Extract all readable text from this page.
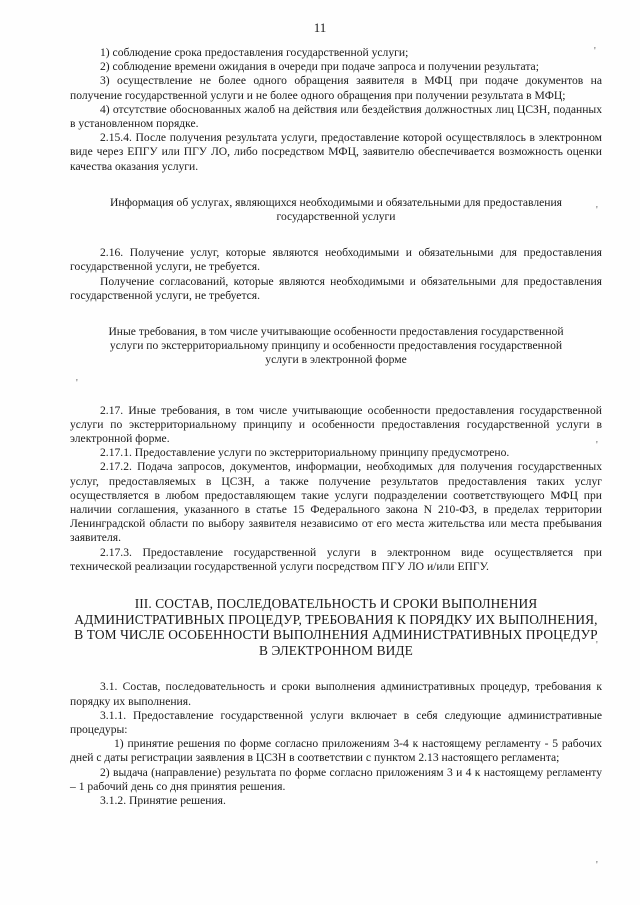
11

1) соблюдение срока предоставления государственной услуги;

2) соблюдение времени ожидания в очереди при подаче запроса и получении результата;

3) осуществление не более одного обращения заявителя в МФЦ при подаче документов на получение государственной услуги и не более одного обращения при получении результата в МФЦ;

4) отсутствие обоснованных жалоб на действия или бездействия должностных лиц ЦСЗН, поданных в установленном порядке.

2.15.4. После получения результата услуги, предоставление которой осуществлялось в электронном виде через ЕПГУ или ПГУ ЛО, либо посредством МФЦ, заявителю обеспечивается возможность оценки качества оказания услуги.

Информация об услугах, являющихся необходимыми и обязательными для предоставления государственной услуги

2.16. Получение услуг, которые являются необходимыми и обязательными для предоставления государственной услуги, не требуется.

Получение согласований, которые являются необходимыми и обязательными для предоставления государственной услуги, не требуется.

Иные требования, в том числе учитывающие особенности предоставления государственной услуги по экстерриториальному принципу и особенности предоставления государственной услуги в электронной форме

2.17. Иные требования, в том числе учитывающие особенности предоставления государственной услуги по экстерриториальному принципу и особенности предоставления государственной услуги в электронной форме.

2.17.1. Предоставление услуги по экстерриториальному принципу предусмотрено.

2.17.2. Подача запросов, документов, информации, необходимых для получения государственных услуг, предоставляемых в ЦСЗН, а также получение результатов предоставления таких услуг осуществляется в любом предоставляющем такие услуги подразделении соответствующего МФЦ при наличии соглашения, указанного в статье 15 Федерального закона N 210-ФЗ, в пределах территории Ленинградской области по выбору заявителя независимо от его места жительства или места пребывания заявителя.

2.17.3. Предоставление государственной услуги в электронном виде осуществляется при технической реализации государственной услуги посредством ПГУ ЛО и/или ЕПГУ.

III. СОСТАВ, ПОСЛЕДОВАТЕЛЬНОСТЬ И СРОКИ ВЫПОЛНЕНИЯ АДМИНИСТРАТИВНЫХ ПРОЦЕДУР, ТРЕБОВАНИЯ К ПОРЯДКУ ИХ ВЫПОЛНЕНИЯ, В ТОМ ЧИСЛЕ ОСОБЕННОСТИ ВЫПОЛНЕНИЯ АДМИНИСТРАТИВНЫХ ПРОЦЕДУР В ЭЛЕКТРОННОМ ВИДЕ

3.1. Состав, последовательность и сроки выполнения административных процедур, требования к порядку их выполнения.

3.1.1. Предоставление государственной услуги включает в себя следующие административные процедуры:

1) принятие решения по форме согласно приложениям 3-4 к настоящему регламенту - 5 рабочих дней с даты регистрации заявления в ЦСЗН в соответствии с пунктом 2.13 настоящего регламента;

2) выдача (направление) результата по форме согласно приложениям 3 и 4 к настоящему регламенту – 1 рабочий день со дня принятия решения.

3.1.2. Принятие решения.

'
'
'
'
'
'
